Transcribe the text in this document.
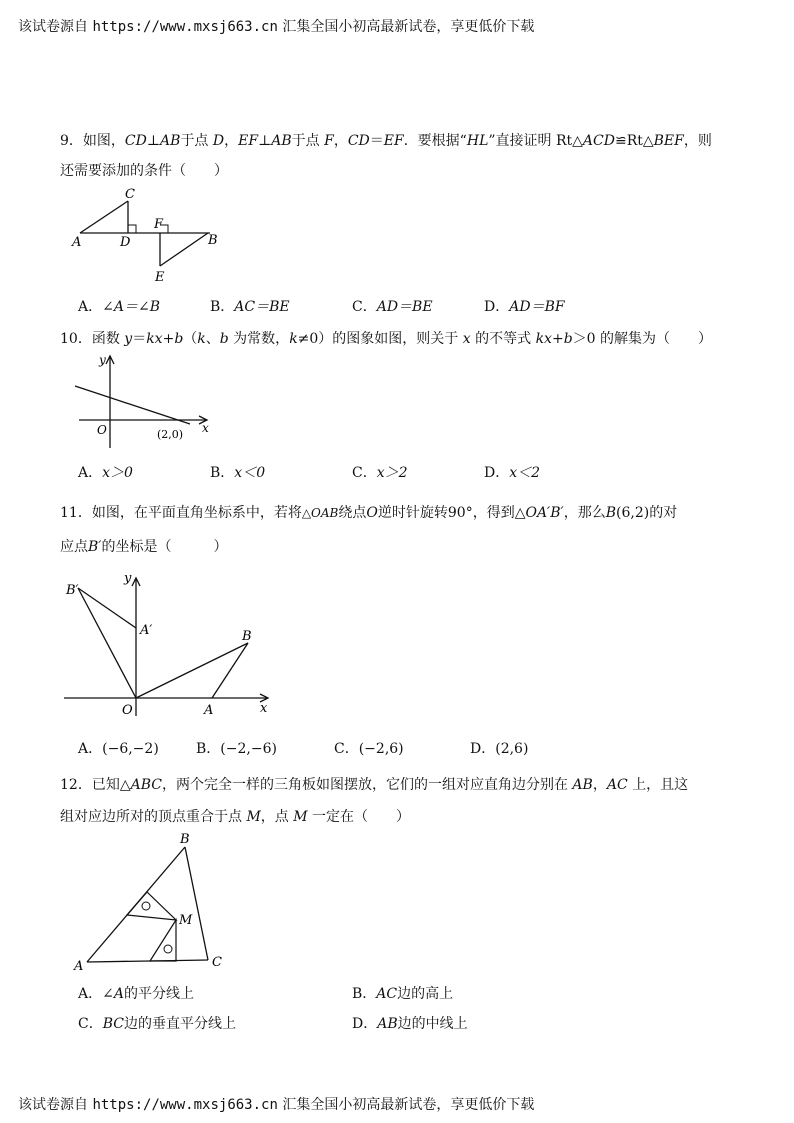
该试卷源自 https://www.mxsj663.cn 汇集全国小初高最新试卷，享更低价下载
9．如图，CD⊥AB于点 D，EF⊥AB于点 F，CD＝EF．要根据“HL”直接证明 Rt△ACD≌Rt△BEF，则
还需要添加的条件（　　）
A
C
D
F
B
E
A．∠A＝∠B	B．AC＝BE	C．AD＝BE	D．AD＝BF
10．函数 y＝kx+b（k、b 为常数，k≠0）的图象如图，则关于 x 的不等式 kx+b＞0 的解集为（　　）
y
x
O	(2,0)
A．x＞0	B．x＜0	C．x＞2	D．x＜2
11．如图，在平面直角坐标系中，若将△OAB绕点O逆时针旋转90°，得到△OA′B′，那么B(6,2)的对
应点B′的坐标是（　　　）
B′
A′
y
B
O	A	x
A．(−6,−2)	B．(−2,−6)	C．(−2,6)	D．(2,6)
12．已知△ABC，两个完全一样的三角板如图摆放，它们的一组对应直角边分别在 AB，AC 上，且这
组对应边所对的顶点重合于点 M，点 M 一定在（　　）
A
B
C
M
A．∠A的平分线上	B．AC边的高上
C．BC边的垂直平分线上	D．AB边的中线上
该试卷源自 https://www.mxsj663.cn 汇集全国小初高最新试卷，享更低价下载
